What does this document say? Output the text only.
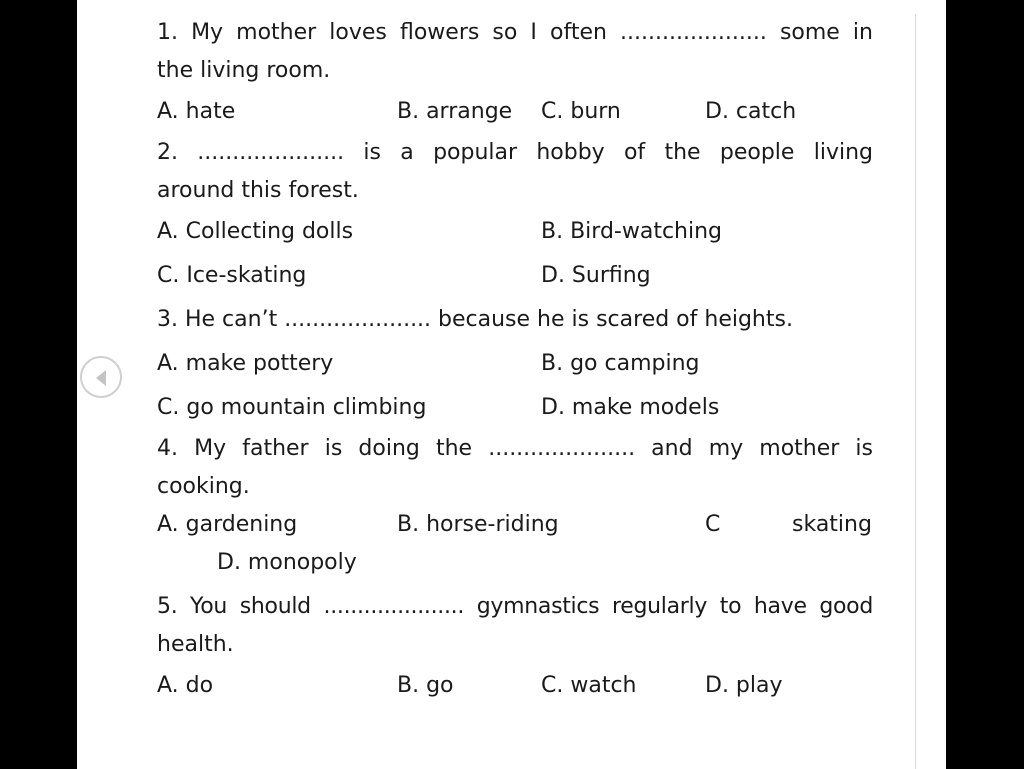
1. My mother loves flowers so I often ..................... some in

the living room.

A. hate	B. arrange C. burn	D. catch

2. ..................... is a popular hobby of the people living

around this forest.

A. Collecting dolls	B. Bird-watching
C. Ice-skating	D. Surfing

3. He can’t ..................... because he is scared of heights.

A. make pottery	B. go camping
C. go mountain climbing	D. make models

4. My father is doing the ..................... and my mother is

cooking.

A. gardening	B. horse-riding	C	skating
D. monopoly

5. You should ..................... gymnastics regularly to have good

health.

A. do	B. go	C. watch	D. play
